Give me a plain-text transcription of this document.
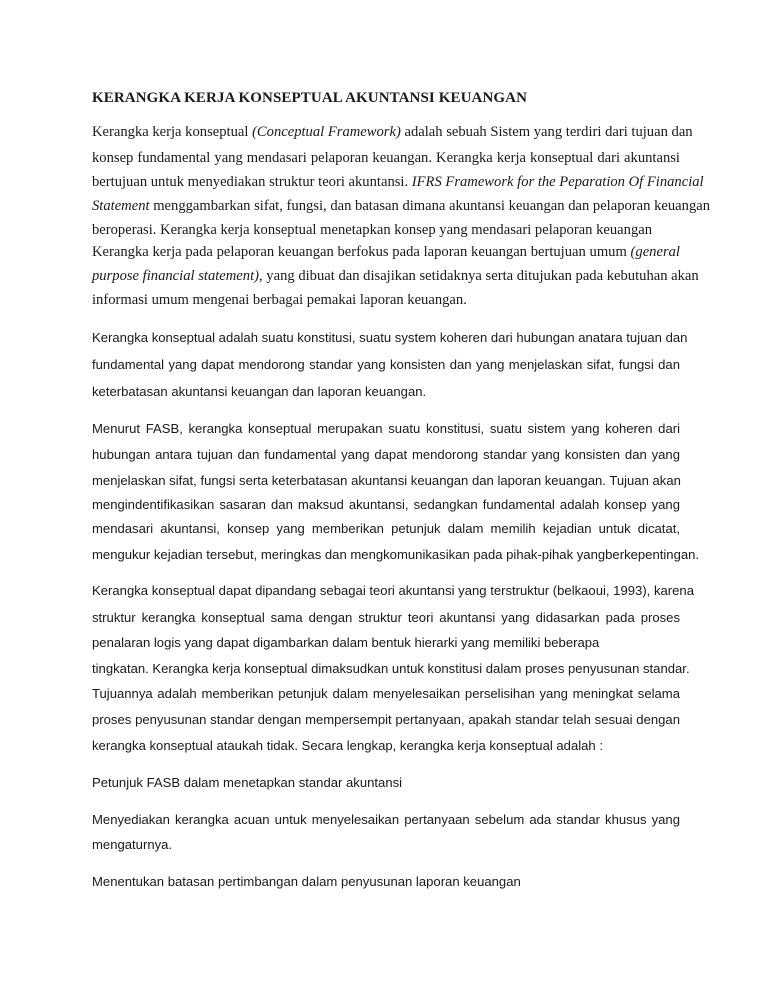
KERANGKA KERJA KONSEPTUAL AKUNTANSI KEUANGAN
Kerangka kerja konseptual (Conceptual Framework) adalah sebuah Sistem yang terdiri dari tujuan dan
konsep fundamental yang mendasari pelaporan keuangan. Kerangka kerja konseptual dari akuntansi
bertujuan untuk menyediakan struktur teori akuntansi. IFRS Framework for the Peparation Of Financial
Statement menggambarkan sifat, fungsi, dan batasan dimana akuntansi keuangan dan pelaporan keuangan
beroperasi. Kerangka kerja konseptual menetapkan konsep yang mendasari pelaporan keuangan
Kerangka kerja pada pelaporan keuangan berfokus pada laporan keuangan bertujuan umum (general
purpose financial statement), yang dibuat dan disajikan setidaknya serta ditujukan pada kebutuhan akan
informasi umum mengenai berbagai pemakai laporan keuangan.
Kerangka konseptual adalah suatu konstitusi, suatu system koheren dari hubungan anatara tujuan dan
fundamental yang dapat mendorong standar yang konsisten dan yang menjelaskan sifat, fungsi dan
keterbatasan akuntansi keuangan dan laporan keuangan.
Menurut FASB, kerangka konseptual merupakan suatu konstitusi, suatu sistem yang koheren dari
hubungan antara tujuan dan fundamental yang dapat mendorong standar yang konsisten dan yang
menjelaskan sifat, fungsi serta keterbatasan akuntansi keuangan dan laporan keuangan. Tujuan akan
mengindentifikasikan sasaran dan maksud akuntansi, sedangkan fundamental adalah konsep yang
mendasari akuntansi, konsep yang memberikan petunjuk dalam memilih kejadian untuk dicatat,
mengukur kejadian tersebut, meringkas dan mengkomunikasikan pada pihak-pihak yangberkepentingan.
Kerangka konseptual dapat dipandang sebagai teori akuntansi yang terstruktur (belkaoui, 1993), karena
struktur kerangka konseptual sama dengan struktur teori akuntansi yang didasarkan pada proses
penalaran logis yang dapat digambarkan dalam bentuk hierarki yang memiliki beberapa
tingkatan. Kerangka kerja konseptual dimaksudkan untuk konstitusi dalam proses penyusunan standar.
Tujuannya adalah memberikan petunjuk dalam menyelesaikan perselisihan yang meningkat selama
proses penyusunan standar dengan mempersempit pertanyaan, apakah standar telah sesuai dengan
kerangka konseptual ataukah tidak. Secara lengkap, kerangka kerja konseptual adalah :
Petunjuk FASB dalam menetapkan standar akuntansi
Menyediakan kerangka acuan untuk menyelesaikan pertanyaan sebelum ada standar khusus yang
mengaturnya.
Menentukan batasan pertimbangan dalam penyusunan laporan keuangan
